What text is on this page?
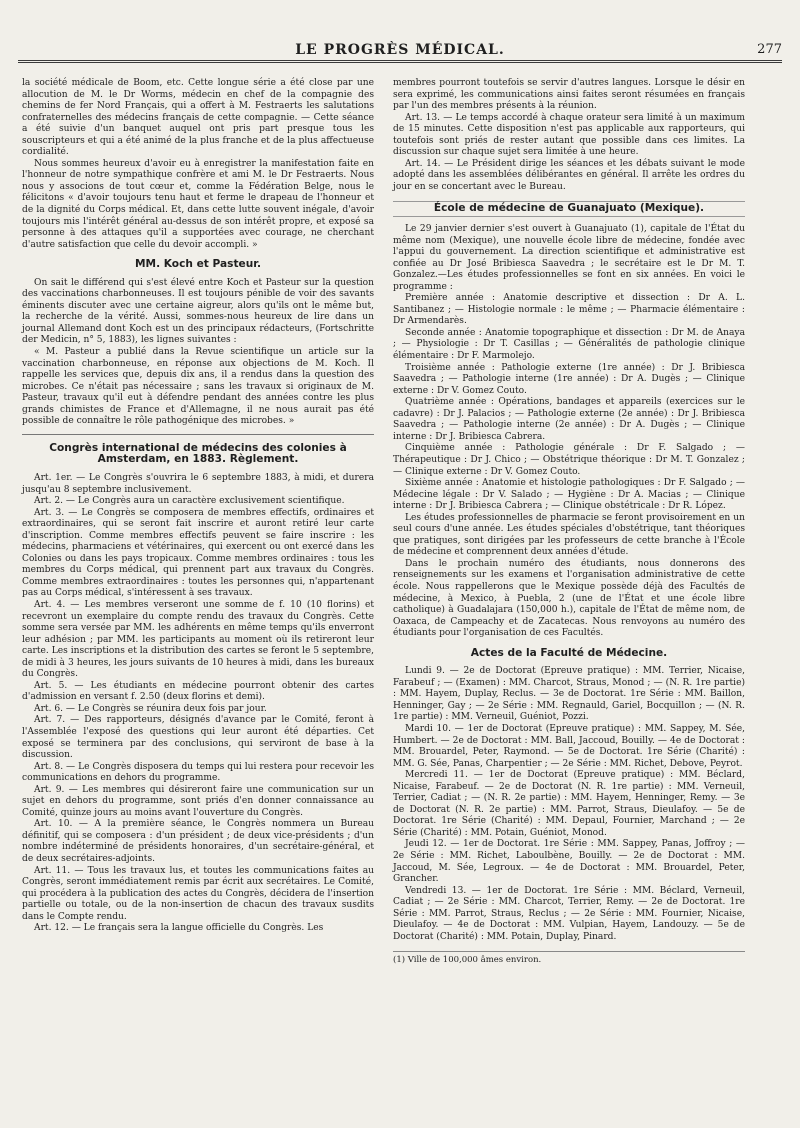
LE PROGRÈS MÉDICAL.	277

la société médicale de Boom, etc. Cette longue série a été close par une allocution de M. le Dr Worms, médecin en chef de la compagnie des chemins de fer Nord Français, qui a offert à M. Festraerts les salutations confraternelles des médecins français de cette compagnie. — Cette séance a été suivie d'un banquet auquel ont pris part presque tous les souscripteurs et qui a été animé de la plus franche et de la plus affectueuse cordialité.

Nous sommes heureux d'avoir eu à enregistrer la manifestation faite en l'honneur de notre sympathique confrère et ami M. le Dr Festraerts. Nous nous y associons de tout cœur et, comme la Fédération Belge, nous le félicitons « d'avoir toujours tenu haut et ferme le drapeau de l'honneur et de la dignité du Corps médical. Et, dans cette lutte souvent inégale, d'avoir toujours mis l'intérêt général au-dessus de son intérêt propre, et exposé sa personne à des attaques qu'il a supportées avec courage, ne cherchant d'autre satisfaction que celle du devoir accompli. »

MM. Koch et Pasteur.

On sait le différend qui s'est élevé entre Koch et Pasteur sur la question des vaccinations charbonneuses. Il est toujours pénible de voir des savants éminents discuter avec une certaine aigreur, alors qu'ils ont le même but, la recherche de la vérité. Aussi, sommes-nous heureux de lire dans un journal Allemand dont Koch est un des principaux rédacteurs, (Fortschritte der Medicin, n° 5, 1883), les lignes suivantes :

« M. Pasteur a publié dans la Revue scientifique un article sur la vaccination charbonneuse, en réponse aux objections de M. Koch. Il rappelle les services que, depuis dix ans, il a rendus dans la question des microbes. Ce n'était pas nécessaire ; sans les travaux si originaux de M. Pasteur, travaux qu'il eut à défendre pendant des années contre les plus grands chimistes de France et d'Allemagne, il ne nous aurait pas été possible de connaître le rôle pathogénique des microbes. »

Congrès international de médecins des colonies à Amsterdam, en 1883. Règlement.

Art. 1er. — Le Congrès s'ouvrira le 6 septembre 1883, à midi, et durera jusqu'au 8 septembre inclusivement.

Art. 2. — Le Congrès aura un caractère exclusivement scientifique.

Art. 3. — Le Congrès se composera de membres effectifs, ordinaires et extraordinaires, qui se seront fait inscrire et auront retiré leur carte d'inscription. Comme membres effectifs peuvent se faire inscrire : les médecins, pharmaciens et vétérinaires, qui exercent ou ont exercé dans les Colonies ou dans les pays tropicaux. Comme membres ordinaires : tous les membres du Corps médical, qui prennent part aux travaux du Congrès. Comme membres extraordinaires : toutes les personnes qui, n'appartenant pas au Corps médical, s'intéressent à ses travaux.

Art. 4. — Les membres verseront une somme de f. 10 (10 florins) et recevront un exemplaire du compte rendu des travaux du Congrès. Cette somme sera versée par MM. les adhérents en même temps qu'ils enverront leur adhésion ; par MM. les participants au moment où ils retireront leur carte. Les inscriptions et la distribution des cartes se feront le 5 septembre, de midi à 3 heures, les jours suivants de 10 heures à midi, dans les bureaux du Congrès.

Art. 5. — Les étudiants en médecine pourront obtenir des cartes d'admission en versant f. 2.50 (deux florins et demi).

Art. 6. — Le Congrès se réunira deux fois par jour.

Art. 7. — Des rapporteurs, désignés d'avance par le Comité, feront à l'Assemblée l'exposé des questions qui leur auront été départies. Cet exposé se terminera par des conclusions, qui serviront de base à la discussion.

Art. 8. — Le Congrès disposera du temps qui lui restera pour recevoir les communications en dehors du programme.

Art. 9. — Les membres qui désireront faire une communication sur un sujet en dehors du programme, sont priés d'en donner connaissance au Comité, quinze jours au moins avant l'ouverture du Congrès.

Art. 10. — A la première séance, le Congrès nommera un Bureau définitif, qui se composera : d'un président ; de deux vice-présidents ; d'un nombre indéterminé de présidents honoraires, d'un secrétaire-général, et de deux secrétaires-adjoints.

Art. 11. — Tous les travaux lus, et toutes les communications faites au Congrès, seront immédiatement remis par écrit aux secrétaires. Le Comité, qui procédera à la publication des actes du Congrès, décidera de l'insertion partielle ou totale, ou de la non-insertion de chacun des travaux susdits dans le Compte rendu.

Art. 12. — Le français sera la langue officielle du Congrès. Les

membres pourront toutefois se servir d'autres langues. Lorsque le désir en sera exprimé, les communications ainsi faites seront résumées en français par l'un des membres présents à la réunion.

Art. 13. — Le temps accordé à chaque orateur sera limité à un maximum de 15 minutes. Cette disposition n'est pas applicable aux rapporteurs, qui toutefois sont priés de rester autant que possible dans ces limites. La discussion sur chaque sujet sera limitée à une heure.

Art. 14. — Le Président dirige les séances et les débats suivant le mode adopté dans les assemblées délibérantes en général. Il arrête les ordres du jour en se concertant avec le Bureau.

École de médecine de Guanajuato (Mexique).

Le 29 janvier dernier s'est ouvert à Guanajuato (1), capitale de l'État du même nom (Mexique), une nouvelle école libre de médecine, fondée avec l'appui du gouvernement. La direction scientifique et administrative est confiée au Dr José Bribiesca Saavedra ; le secrétaire est le Dr M. T. Gonzalez.—Les études professionnelles se font en six années. En voici le programme :

Première année : Anatomie descriptive et dissection : Dr A. L. Santibanez ; — Histologie normale : le même ; — Pharmacie élémentaire : Dr Armendarès.

Seconde année : Anatomie topographique et dissection : Dr M. de Anaya ; — Physiologie : Dr T. Casillas ; — Généralités de pathologie clinique élémentaire : Dr F. Marmolejo.

Troisième année : Pathologie externe (1re année) : Dr J. Bribiesca Saavedra ; — Pathologie interne (1re année) : Dr A. Dugès ; — Clinique externe : Dr V. Gomez Couto.

Quatrième année : Opérations, bandages et appareils (exercices sur le cadavre) : Dr J. Palacios ; — Pathologie externe (2e année) : Dr J. Bribiesca Saavedra ; — Pathologie interne (2e année) : Dr A. Dugès ; — Clinique interne : Dr J. Bribiesca Cabrera.

Cinquième année : Pathologie générale : Dr F. Salgado ; — Thérapeutique : Dr J. Chico ; — Obstétrique théorique : Dr M. T. Gonzalez ; — Clinique externe : Dr V. Gomez Couto.

Sixième année : Anatomie et histologie pathologiques : Dr F. Salgado ; — Médecine légale : Dr V. Salado ; — Hygiène : Dr A. Macias ; — Clinique interne : Dr J. Bribiesca Cabrera ; — Clinique obstétricale : Dr R. López.

Les études professionnelles de pharmacie se feront provisoirement en un seul cours d'une année. Les études spéciales d'obstétrique, tant théoriques que pratiques, sont dirigées par les professeurs de cette branche à l'École de médecine et comprennent deux années d'étude.

Dans le prochain numéro des étudiants, nous donnerons des renseignements sur les examens et l'organisation administrative de cette école. Nous rappellerons que le Mexique possède déjà des Facultés de médecine, à Mexico, à Puebla, 2 (une de l'État et une école libre catholique) à Guadalajara (150,000 h.), capitale de l'État de même nom, de Oaxaca, de Campeachy et de Zacatecas. Nous renvoyons au numéro des étudiants pour l'organisation de ces Facultés.

Actes de la Faculté de Médecine.

Lundi 9. — 2e de Doctorat (Epreuve pratique) : MM. Terrier, Nicaise, Farabeuf ; — (Examen) : MM. Charcot, Straus, Monod ; — (N. R. 1re partie) : MM. Hayem, Duplay, Reclus. — 3e de Doctorat. 1re Série : MM. Baillon, Henninger, Gay ; — 2e Série : MM. Regnauld, Gariel, Bocquillon ; — (N. R. 1re partie) : MM. Verneuil, Guéniot, Pozzi.

Mardi 10. — 1er de Doctorat (Epreuve pratique) : MM. Sappey, M. Sée, Humbert. — 2e de Doctorat : MM. Ball, Jaccoud, Bouilly. — 4e de Doctorat : MM. Brouardel, Peter, Raymond. — 5e de Doctorat. 1re Série (Charité) : MM. G. Sée, Panas, Charpentier ; — 2e Série : MM. Richet, Debove, Peyrot.

Mercredi 11. — 1er de Doctorat (Epreuve pratique) : MM. Béclard, Nicaise, Farabeuf. — 2e de Doctorat (N. R. 1re partie) : MM. Verneuil, Terrier, Cadiat ; — (N. R. 2e partie) : MM. Hayem, Henninger, Remy. — 3e de Doctorat (N. R. 2e partie) : MM. Parrot, Straus, Dieulafoy. — 5e de Doctorat. 1re Série (Charité) : MM. Depaul, Fournier, Marchand ; — 2e Série (Charité) : MM. Potain, Guéniot, Monod.

Jeudi 12. — 1er de Doctorat. 1re Série : MM. Sappey, Panas, Joffroy ; — 2e Série : MM. Richet, Laboulbène, Bouilly. — 2e de Doctorat : MM. Jaccoud, M. Sée, Legroux. — 4e de Doctorat : MM. Brouardel, Peter, Grancher.

Vendredi 13. — 1er de Doctorat. 1re Série : MM. Béclard, Verneuil, Cadiat ; — 2e Série : MM. Charcot, Terrier, Remy. — 2e de Doctorat. 1re Série : MM. Parrot, Straus, Reclus ; — 2e Série : MM. Fournier, Nicaise, Dieulafoy. — 4e de Doctorat : MM. Vulpian, Hayem, Landouzy. — 5e de Doctorat (Charité) : MM. Potain, Duplay, Pinard.

(1) Ville de 100,000 âmes environ.
